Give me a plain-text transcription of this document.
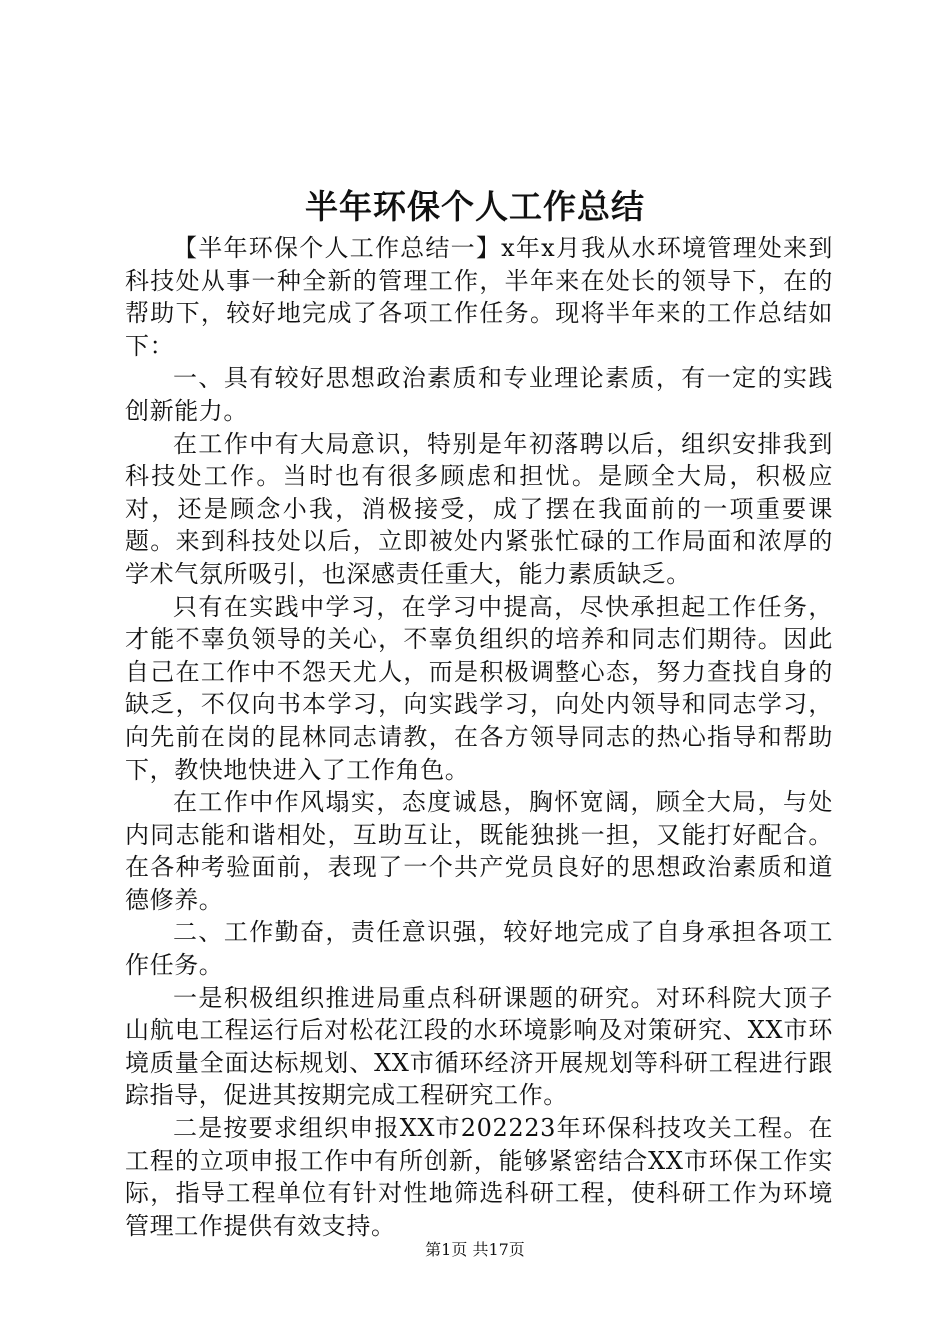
半年环保个人工作总结

【半年环保个人工作总结一】x年x月我从水环境管理处来到科技处从事一种全新的管理工作，半年来在处长的领导下，在的帮助下，较好地完成了各项工作任务。现将半年来的工作总结如下：

一、具有较好思想政治素质和专业理论素质，有一定的实践创新能力。

在工作中有大局意识，特别是年初落聘以后，组织安排我到科技处工作。当时也有很多顾虑和担忧。是顾全大局，积极应对，还是顾念小我，消极接受，成了摆在我面前的一项重要课题。来到科技处以后，立即被处内紧张忙碌的工作局面和浓厚的学术气氛所吸引，也深感责任重大，能力素质缺乏。

只有在实践中学习，在学习中提高，尽快承担起工作任务，才能不辜负领导的关心，不辜负组织的培养和同志们期待。因此自己在工作中不怨天尤人，而是积极调整心态，努力查找自身的缺乏，不仅向书本学习，向实践学习，向处内领导和同志学习，向先前在岗的昆林同志请教，在各方领导同志的热心指导和帮助下，教快地快进入了工作角色。

在工作中作风塌实，态度诚恳，胸怀宽阔，顾全大局，与处内同志能和谐相处，互助互让，既能独挑一担，又能打好配合。在各种考验面前，表现了一个共产党员良好的思想政治素质和道德修养。

二、工作勤奋，责任意识强，较好地完成了自身承担各项工作任务。

一是积极组织推进局重点科研课题的研究。对环科院大顶子山航电工程运行后对松花江段的水环境影响及对策研究、XX市环境质量全面达标规划、XX市循环经济开展规划等科研工程进行跟踪指导，促进其按期完成工程研究工作。

二是按要求组织申报XX市202223年环保科技攻关工程。在工程的立项申报工作中有所创新，能够紧密结合XX市环保工作实际，指导工程单位有针对性地筛选科研工程，使科研工作为环境管理工作提供有效支持。

第1页 共17页
